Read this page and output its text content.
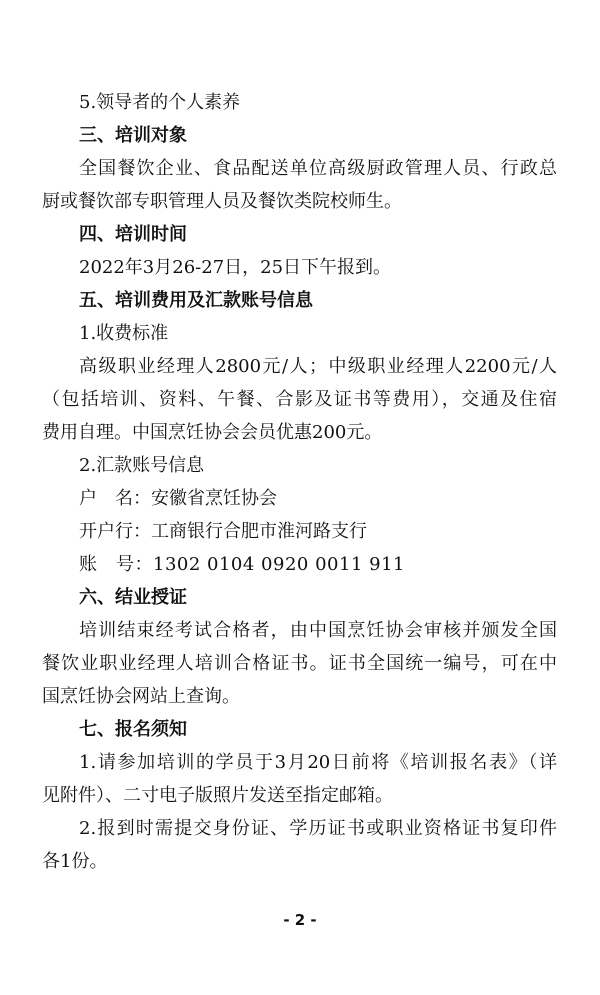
5.领导者的个人素养
三、培训对象
全国餐饮企业、食品配送单位高级厨政管理人员、行政总
厨或餐饮部专职管理人员及餐饮类院校师生。
四、培训时间
2022年3月26-27日，25日下午报到。
五、培训费用及汇款账号信息
1.收费标准
高级职业经理人2800元/人；中级职业经理人2200元/人
（包括培训、资料、午餐、合影及证书等费用），交通及住宿
费用自理。中国烹饪协会会员优惠200元。
2.汇款账号信息
户　名：安徽省烹饪协会
开户行：工商银行合肥市淮河路支行
账　号：1302 0104 0920 0011 911
六、结业授证
培训结束经考试合格者，由中国烹饪协会审核并颁发全国
餐饮业职业经理人培训合格证书。证书全国统一编号，可在中
国烹饪协会网站上查询。
七、报名须知
1.请参加培训的学员于3月20日前将《培训报名表》（详
见附件）、二寸电子版照片发送至指定邮箱。
2.报到时需提交身份证、学历证书或职业资格证书复印件
各1份。
- 2 -
